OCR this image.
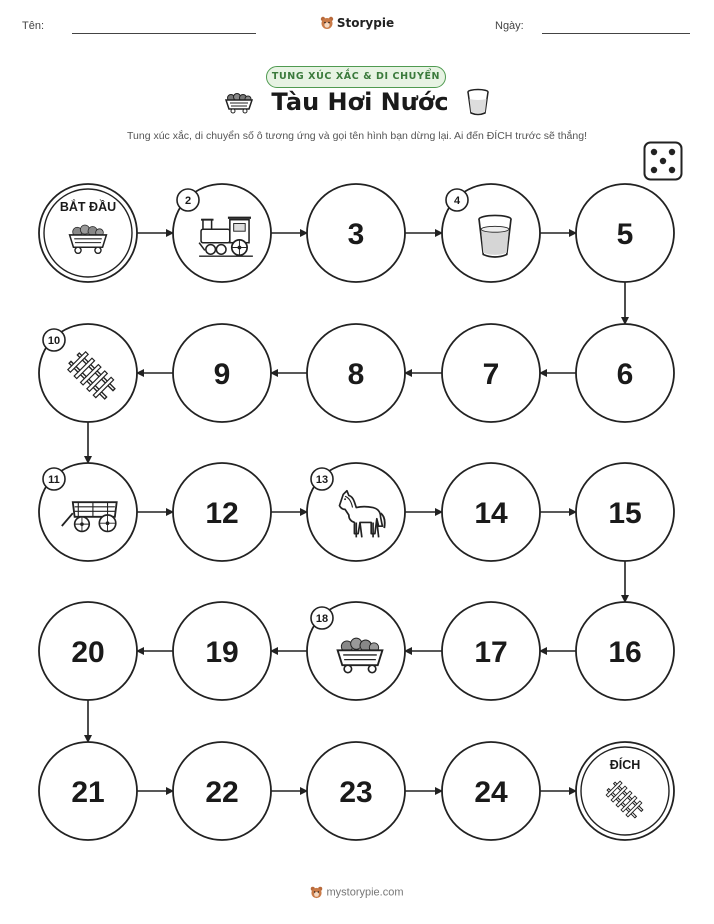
Tên:	Ngày:
Storypie
TUNG XÚC XẮC & DI CHUYỂN
Tàu Hơi Nước
Tung xúc xắc, di chuyển số ô tương ứng và gọi tên hình bạn dừng lại. Ai đến ĐÍCH trước sẽ thắng!
BẮT ĐẦU	2
3
4
5
6
7
8
9
10
11
12
13
14	15
16
17
18
19
20
21	22	23	24
ĐÍCH
mystorypie.com
